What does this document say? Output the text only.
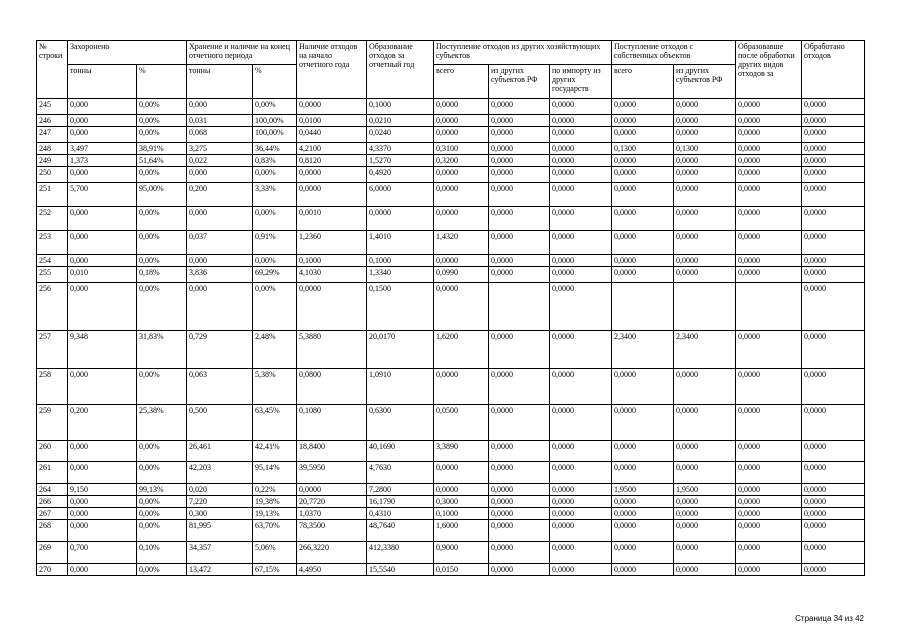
№ строки	Захоронено		Хранение и наличие на конец отчетного периода		Наличие отходов на начало отчетного года	Образование отходов за отчетный год	Поступление отходов из других хозяйствующих субъектов			Поступление отходов с собственных объектов		Образовавше после обработки других видов отходов за	Обработано отходов
	тонны	%	тонны	%			всего	из других субъектов РФ	по импорту из других государств	всего	из других субъектов РФ		
245	0,000	0,00%	0,000	0,00%	0,0000	0,1000	0,0000	0,0000	0,0000	0,0000	0,0000	0,0000	0,0000
246	0,000	0,00%	0,031	100,00%	0,0100	0,0210	0,0000	0,0000	0,0000	0,0000	0,0000	0,0000	0,0000
247	0,000	0,00%	0,068	100,00%	0,0440	0,0240	0,0000	0,0000	0,0000	0,0000	0,0000	0,0000	0,0000
248	3,497	38,91%	3,275	36,44%	4,2100	4,3370	0,3100	0,0000	0,0000	0,1300	0,1300	0,0000	0,0000
249	1,373	51,64%	0,022	0,83%	0,8120	1,5270	0,3200	0,0000	0,0000	0,0000	0,0000	0,0000	0,0000
250	0,000	0,00%	0,000	0,00%	0,0000	0,4920	0,0000	0,0000	0,0000	0,0000	0,0000	0,0000	0,0000
251	5,700	95,00%	0,200	3,33%	0,0000	6,0000	0,0000	0,0000	0,0000	0,0000	0,0000	0,0000	0,0000
252	0,000	0,00%	0,000	0,00%	0,0010	0,0000	0,0000	0,0000	0,0000	0,0000	0,0000	0,0000	0,0000
253	0,000	0,00%	0,037	0,91%	1,2360	1,4010	1,4320	0,0000	0,0000	0,0000	0,0000	0,0000	0,0000
254	0,000	0,00%	0,000	0,00%	0,1000	0,1000	0,0000	0,0000	0,0000	0,0000	0,0000	0,0000	0,0000
255	0,010	0,18%	3,836	69,29%	4,1030	1,3340	0,0990	0,0000	0,0000	0,0000	0,0000	0,0000	0,0000
256	0,000	0,00%	0,000	0,00%	0,0000	0,1500	0,0000		0,0000				0,0000
257	9,348	31,83%	0,729	2,48%	5,3880	20,0170	1,6200	0,0000	0,0000	2,3400	2,3400	0,0000	0,0000
258	0,000	0,00%	0,063	5,38%	0,0800	1,0910	0,0000	0,0000	0,0000	0,0000	0,0000	0,0000	0,0000
259	0,200	25,38%	0,500	63,45%	0,1080	0,6300	0,0500	0,0000	0,0000	0,0000	0,0000	0,0000	0,0000
260	0,000	0,00%	26,461	42,41%	18,8400	40,1690	3,3890	0,0000	0,0000	0,0000	0,0000	0,0000	0,0000
261	0,000	0,00%	42,203	95,14%	39,5950	4,7630	0,0000	0,0000	0,0000	0,0000	0,0000	0,0000	0,0000
264	9,150	99,13%	0,020	0,22%	0,0000	7,2800	0,0000	0,0000	0,0000	1,9500	1,9500	0,0000	0,0000
266	0,000	0,00%	7,220	19,38%	20,7720	16,1790	0,3000	0,0000	0,0000	0,0000	0,0000	0,0000	0,0000
267	0,000	0,00%	0,300	19,13%	1,0370	0,4310	0,1000	0,0000	0,0000	0,0000	0,0000	0,0000	0,0000
268	0,000	0,00%	81,995	63,70%	78,3500	48,7640	1,6000	0,0000	0,0000	0,0000	0,0000	0,0000	0,0000
269	0,700	0,10%	34,357	5,06%	266,3220	412,3380	0,9000	0,0000	0,0000	0,0000	0,0000	0,0000	0,0000
270	0,000	0,00%	13,472	67,15%	4,4950	15,5540	0,0150	0,0000	0,0000	0,0000	0,0000	0,0000	0,0000
Страница 34 из 42
